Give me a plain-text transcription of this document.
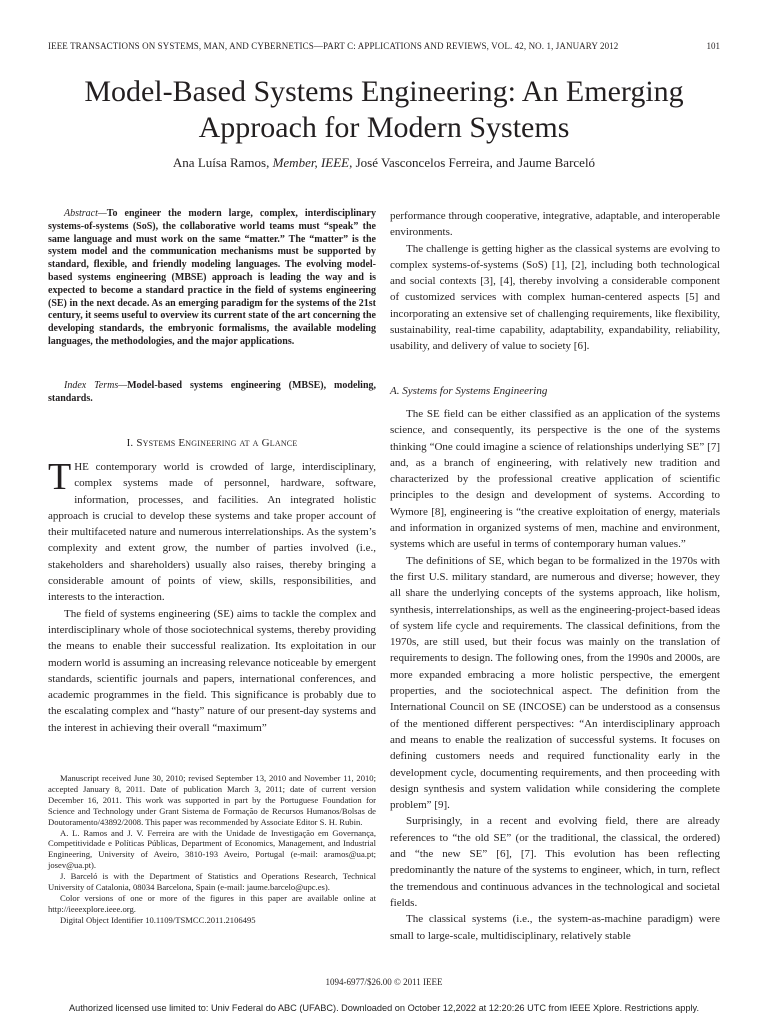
IEEE TRANSACTIONS ON SYSTEMS, MAN, AND CYBERNETICS—PART C: APPLICATIONS AND REVIEWS, VOL. 42, NO. 1, JANUARY 2012	101
Model-Based Systems Engineering: An Emerging Approach for Modern Systems
Ana Luísa Ramos, Member, IEEE, José Vasconcelos Ferreira, and Jaume Barceló
Abstract—To engineer the modern large, complex, interdisciplinary systems-of-systems (SoS), the collaborative world teams must “speak” the same language and must work on the same “matter.” The “matter” is the system model and the communication mechanisms must be supported by standard, flexible, and friendly modeling languages. The evolving model-based systems engineering (MBSE) approach is leading the way and is expected to become a standard practice in the field of systems engineering (SE) in the next decade. As an emerging paradigm for the systems of the 21st century, it seems useful to overview its current state of the art concerning the developing standards, the embryonic formalisms, the available modeling languages, the methodologies, and the major applications.
Index Terms—Model-based systems engineering (MBSE), modeling, standards.
I. Systems Engineering at a Glance

THE contemporary world is crowded of large, interdisciplinary, complex systems made of personnel, hardware, software, information, processes, and facilities. An integrated holistic approach is crucial to develop these systems and take proper account of their multifaceted nature and numerous interrelationships. As the system’s complexity and extent grow, the number of parties involved (i.e., stakeholders and shareholders) usually also raises, thereby bringing a considerable amount of points of view, skills, responsibilities, and interests to the interaction.

The field of systems engineering (SE) aims to tackle the complex and interdisciplinary whole of those sociotechnical systems, thereby providing the means to enable their successful realization. Its exploitation in our modern world is assuming an increasing relevance noticeable by emergent standards, scientific journals and papers, international conferences, and academic programmes in the field. This significance is probably due to the escalating complex and “hasty” nature of our present-day systems and the interest in achieving their overall “maximum”

Manuscript received June 30, 2010; revised September 13, 2010 and November 11, 2010; accepted January 8, 2011. Date of publication March 3, 2011; date of current version December 16, 2011. This work was supported in part by the Portuguese Foundation for Science and Technology under Grant Sistema de Formação de Recursos Humanos/Bolsas de Doutoramento/43892/2008. This paper was recommended by Associate Editor S. H. Rubin.

A. L. Ramos and J. V. Ferreira are with the Unidade de Investigação em Governança, Competitividade e Políticas Públicas, Department of Economics, Management, and Industrial Engineering, University of Aveiro, 3810-193 Aveiro, Portugal (e-mail: aramos@ua.pt; josev@ua.pt).

J. Barceló is with the Department of Statistics and Operations Research, Technical University of Catalonia, 08034 Barcelona, Spain (e-mail: jaume.barcelo@upc.es).

Color versions of one or more of the figures in this paper are available online at http://ieeexplore.ieee.org.

Digital Object Identifier 10.1109/TSMCC.2011.2106495

performance through cooperative, integrative, adaptable, and interoperable environments.

The challenge is getting higher as the classical systems are evolving to complex systems-of-systems (SoS) [1], [2], including both technological and social contexts [3], [4], thereby involving a considerable component of customized services with complex human-centered aspects [5] and incorporating an extensive set of challenging requirements, like flexibility, sustainability, real-time capability, adaptability, expandability, reliability, usability, and delivery of value to society [6].

A. Systems for Systems Engineering

The SE field can be either classified as an application of the systems science, and consequently, its perspective is the one of the systems thinking “One could imagine a science of relationships underlying SE” [7] and, as a branch of engineering, with relatively new tradition and characterized by the professional creative application of scientific principles to the design and development of systems. According to Wymore [8], engineering is “the creative exploitation of energy, materials and information in organized systems of men, machine and environment, systems which are useful in terms of contemporary human values.”

The definitions of SE, which began to be formalized in the 1970s with the first U.S. military standard, are numerous and diverse; however, they all share the underlying concepts of the systems approach, like holism, synthesis, interrelationships, as well as the engineering-project-based ideas of system life cycle and requirements. The classical definitions, from the 1970s, are still used, but their focus was mainly on the translation of requirements to design. The following ones, from the 1990s and 2000s, are more expanded embracing a more holistic perspective, the emergent properties, and the sociotechnical aspect. The definition from the International Council on SE (INCOSE) can be understood as a consensus of the mentioned different perspectives: “An interdisciplinary approach and means to enable the realization of successful systems. It focuses on defining customers needs and required functionality early in the development cycle, documenting requirements, and then proceeding with design synthesis and system validation while considering the complete problem” [9].

Surprisingly, in a recent and evolving field, there are already references to “the old SE” (or the traditional, the classical, the ordered) and “the new SE” [6], [7]. This evolution has been reflecting predominantly the nature of the systems to engineer, which, in turn, reflect the tremendous and continuous advances in the technological and societal fields.

The classical systems (i.e., the system-as-machine paradigm) were small to large-scale, multidisciplinary, relatively stable

1094-6977/$26.00 © 2011 IEEE
Authorized licensed use limited to: Univ Federal do ABC (UFABC). Downloaded on October 12,2022 at 12:20:26 UTC from IEEE Xplore. Restrictions apply.
